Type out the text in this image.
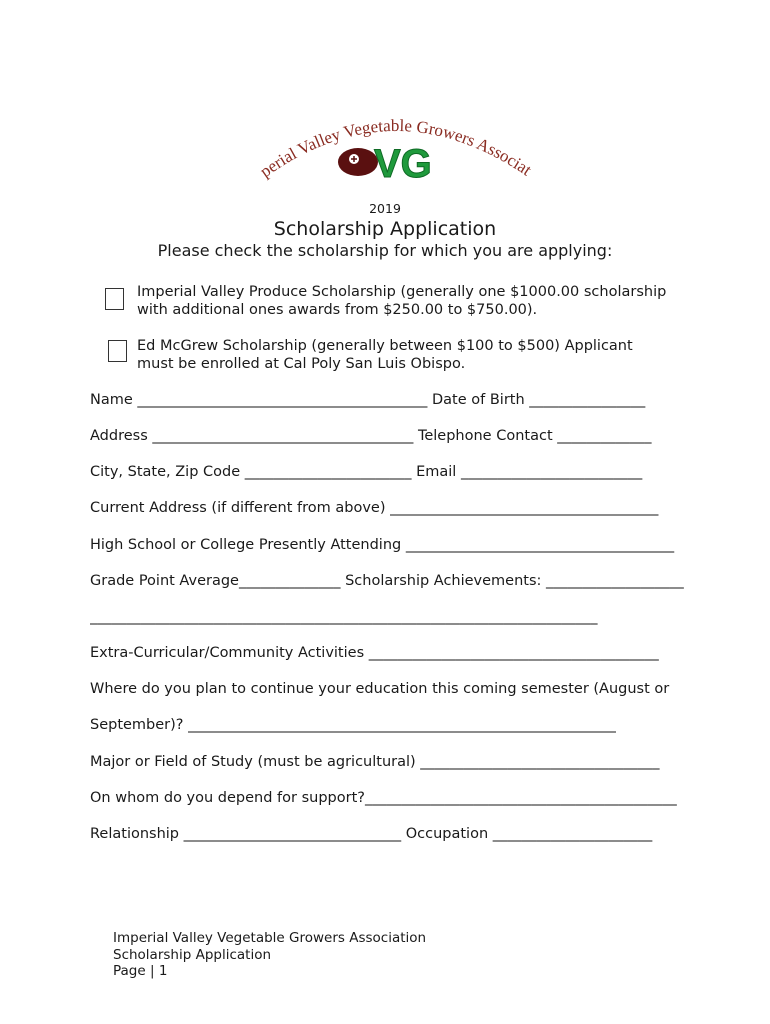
perial Valley Vegetable Growers Associa
VG
2019
Scholarship Application
Please check the scholarship for which you are applying:
Imperial Valley Produce Scholarship (generally one $1000.00 scholarship with additional ones awards from $250.00 to $750.00).
Ed McGrew Scholarship (generally between $100 to $500) Applicant must be enrolled at Cal Poly San Luis Obispo.
Name ________________________________________ Date of Birth ________________
Address ____________________________________ Telephone Contact _____________
City, State, Zip Code _______________________ Email _________________________
Current Address (if different from above) _____________________________________
High School or College Presently Attending _____________________________________
Grade Point Average______________ Scholarship Achievements: ___________________
______________________________________________________________________
Extra-Curricular/Community Activities ________________________________________
Where do you plan to continue your education this coming semester (August or
September)? ___________________________________________________________
Major or Field of Study (must be agricultural) _________________________________
On whom do you depend for support?___________________________________________
Relationship ______________________________ Occupation ______________________
Imperial Valley Vegetable Growers Association
Scholarship Application
Page | 1
